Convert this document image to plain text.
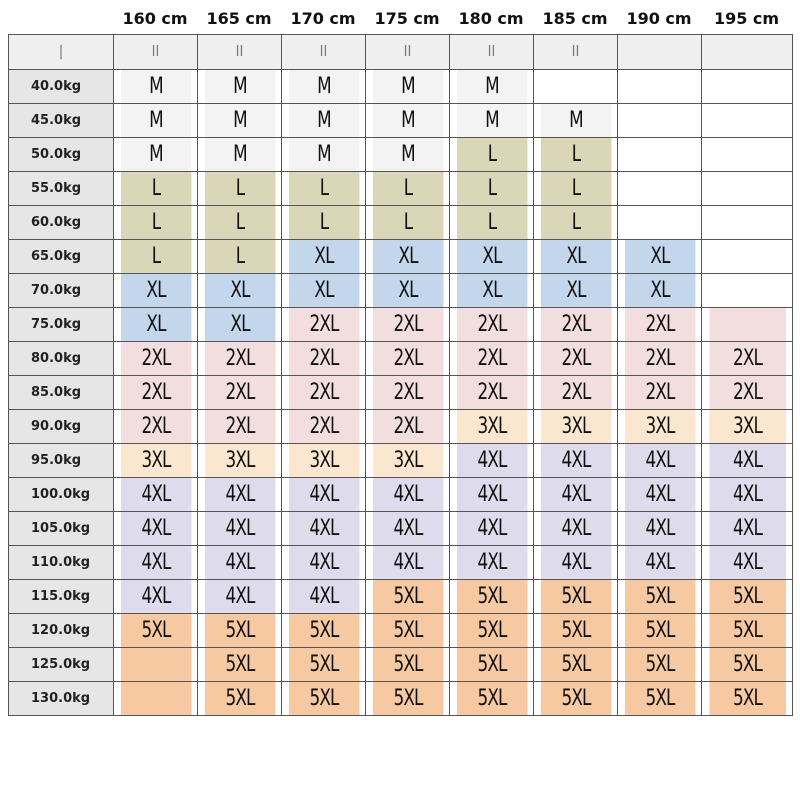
160 cm	165 cm	170 cm	175 cm	180 cm	185 cm	190 cm	195 cm
|	ll	ll	ll	ll	ll	ll		
40.0kg	M	M	M	M	M			
45.0kg	M	M	M	M	M	M		
50.0kg	M	M	M	M	L	L		
55.0kg	L	L	L	L	L	L		
60.0kg	L	L	L	L	L	L		
65.0kg	L	L	XL	XL	XL	XL	XL	
70.0kg	XL	XL	XL	XL	XL	XL	XL	
75.0kg	XL	XL	2XL	2XL	2XL	2XL	2XL	
80.0kg	2XL	2XL	2XL	2XL	2XL	2XL	2XL	2XL
85.0kg	2XL	2XL	2XL	2XL	2XL	2XL	2XL	2XL
90.0kg	2XL	2XL	2XL	2XL	3XL	3XL	3XL	3XL
95.0kg	3XL	3XL	3XL	3XL	4XL	4XL	4XL	4XL
100.0kg	4XL	4XL	4XL	4XL	4XL	4XL	4XL	4XL
105.0kg	4XL	4XL	4XL	4XL	4XL	4XL	4XL	4XL
110.0kg	4XL	4XL	4XL	4XL	4XL	4XL	4XL	4XL
115.0kg	4XL	4XL	4XL	5XL	5XL	5XL	5XL	5XL
120.0kg	5XL	5XL	5XL	5XL	5XL	5XL	5XL	5XL
125.0kg		5XL	5XL	5XL	5XL	5XL	5XL	5XL
130.0kg		5XL	5XL	5XL	5XL	5XL	5XL	5XL
